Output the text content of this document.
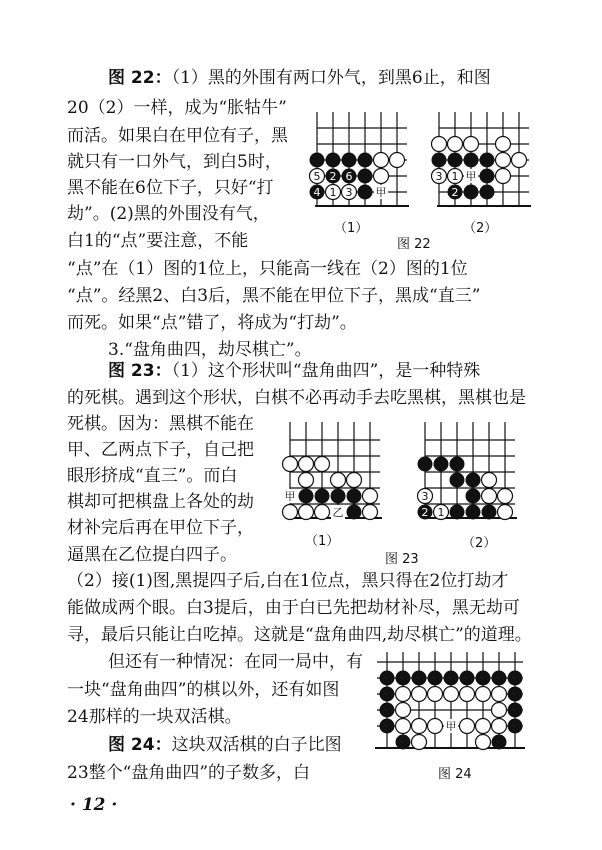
图 22：（1）黑的外围有两口外气，到黑6止，和图
20（2）一样，成为“胀牯牛”
而活。如果白在甲位有子，黑
就只有一口外气，到白5时，
黑不能在6位下子，只好“打
劫”。(2)黑的外围没有气，
白1的“点”要注意，不能
“点”在（1）图的1位上，只能高一线在（2）图的1位
“点”。经黑2、白3后，黑不能在甲位下子，黑成“直三”
而死。如果“点”错了，将成为“打劫”。
3.“盘角曲四，劫尽棋亡”。
5 2 6
4 1 3 甲
（1）
3 1 甲
2
（2）
图 22
图 23：（1）这个形状叫“盘角曲四”，是一种特殊
的死棋。遇到这个形状，白棋不必再动手去吃黑棋，黑棋也是
死棋。因为：黑棋不能在
甲、乙两点下子，自己把
眼形挤成“直三”。而白
棋却可把棋盘上各处的劫
材补完后再在甲位下子，
逼黑在乙位提白四子。
（2）接(1)图,黑提四子后,白在1位点，黑只得在2位打劫才
能做成两个眼。白3提后，由于白已先把劫材补尽，黑无劫可
寻，最后只能让白吃掉。这就是“盘角曲四,劫尽棋亡”的道理。
甲
乙
（1）
3
2 1
（2）
图 23
但还有一种情况：在同一局中，有
一块“盘角曲四”的棋以外，还有如图
24那样的一块双活棋。
图 24：这块双活棋的白子比图
23整个“盘角曲四”的子数多，白
甲
图 24
· 12 ·
